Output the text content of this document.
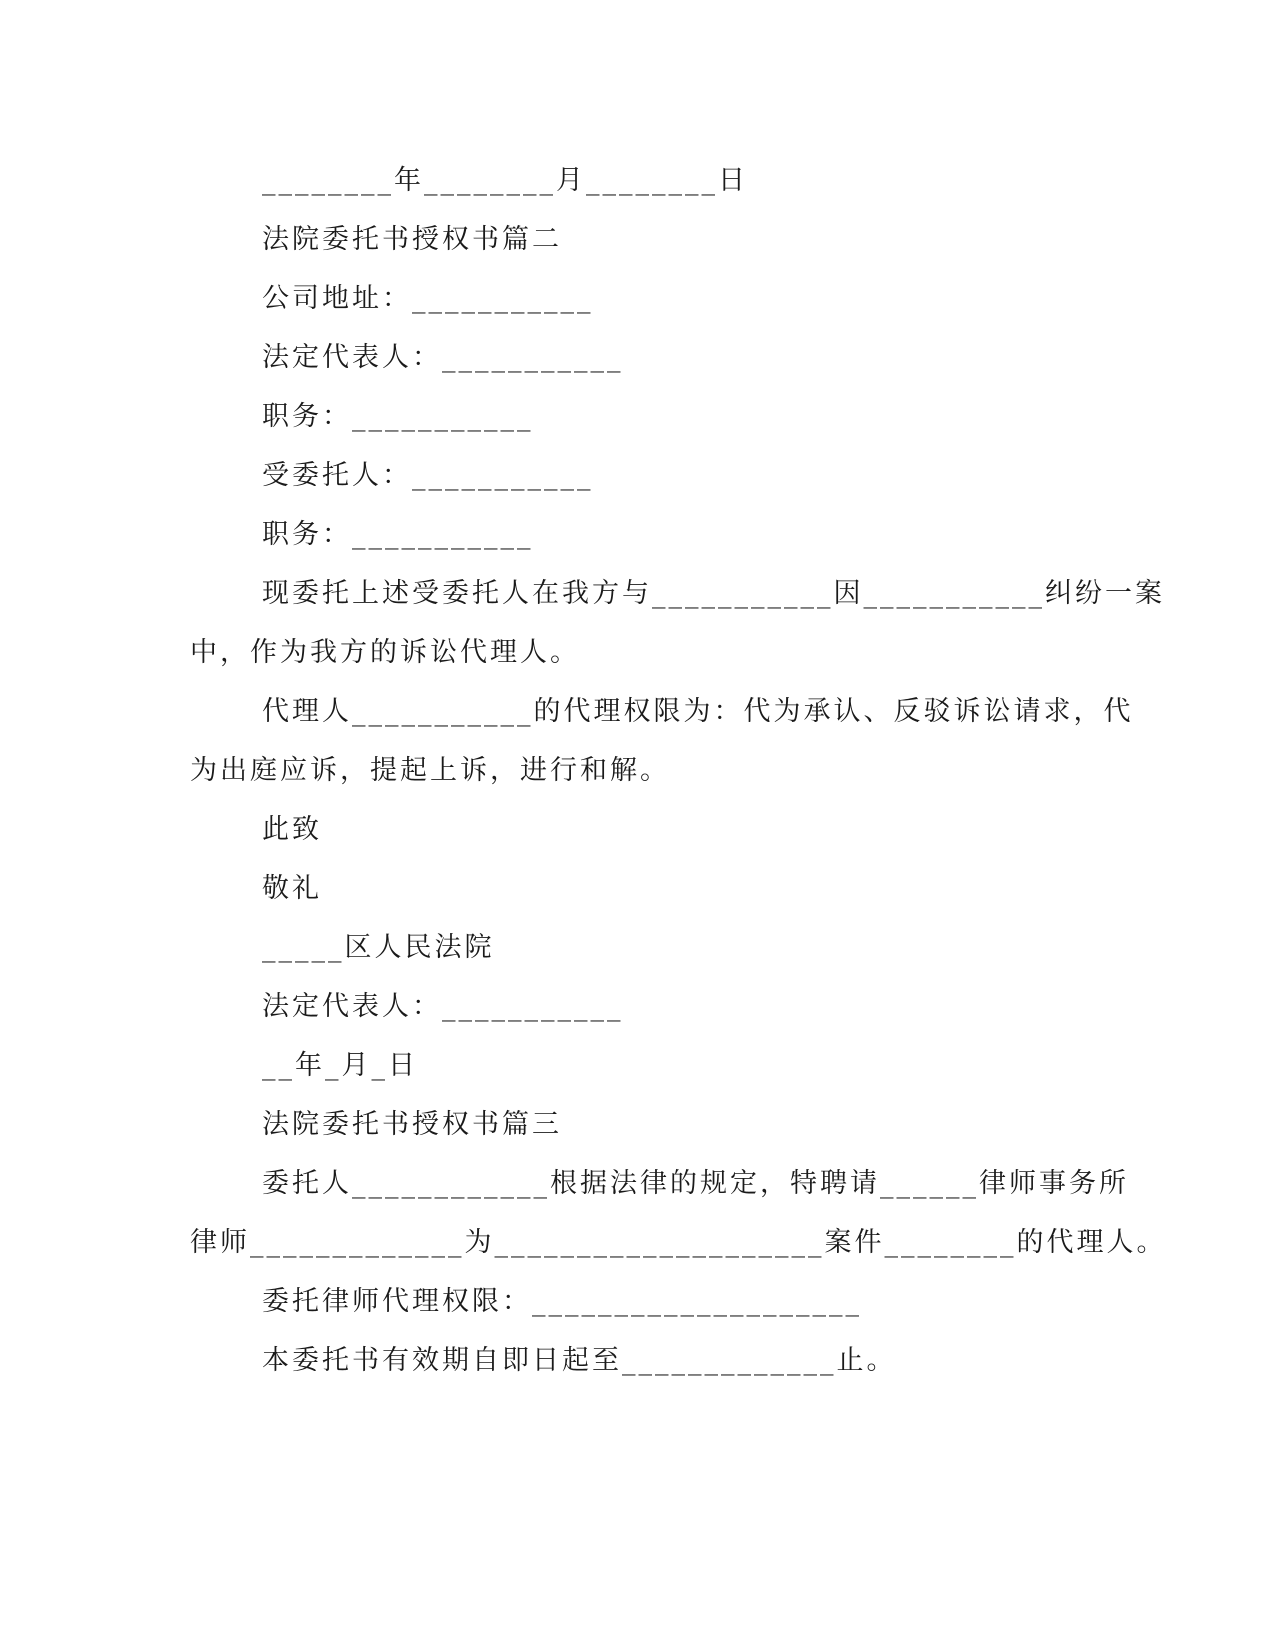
________年________月________日

法院委托书授权书篇二

公司地址：___________

法定代表人：___________

职务：___________

受委托人：___________

职务：___________

现委托上述受委托人在我方与___________因___________纠纷一案

中，作为我方的诉讼代理人。

代理人___________的代理权限为：代为承认、反驳诉讼请求，代

为出庭应诉，提起上诉，进行和解。

此致

敬礼

_____区人民法院

法定代表人：___________

__年_月_日

法院委托书授权书篇三

委托人____________根据法律的规定，特聘请______律师事务所

律师_____________为____________________案件________的代理人。

委托律师代理权限：____________________

本委托书有效期自即日起至_____________止。
